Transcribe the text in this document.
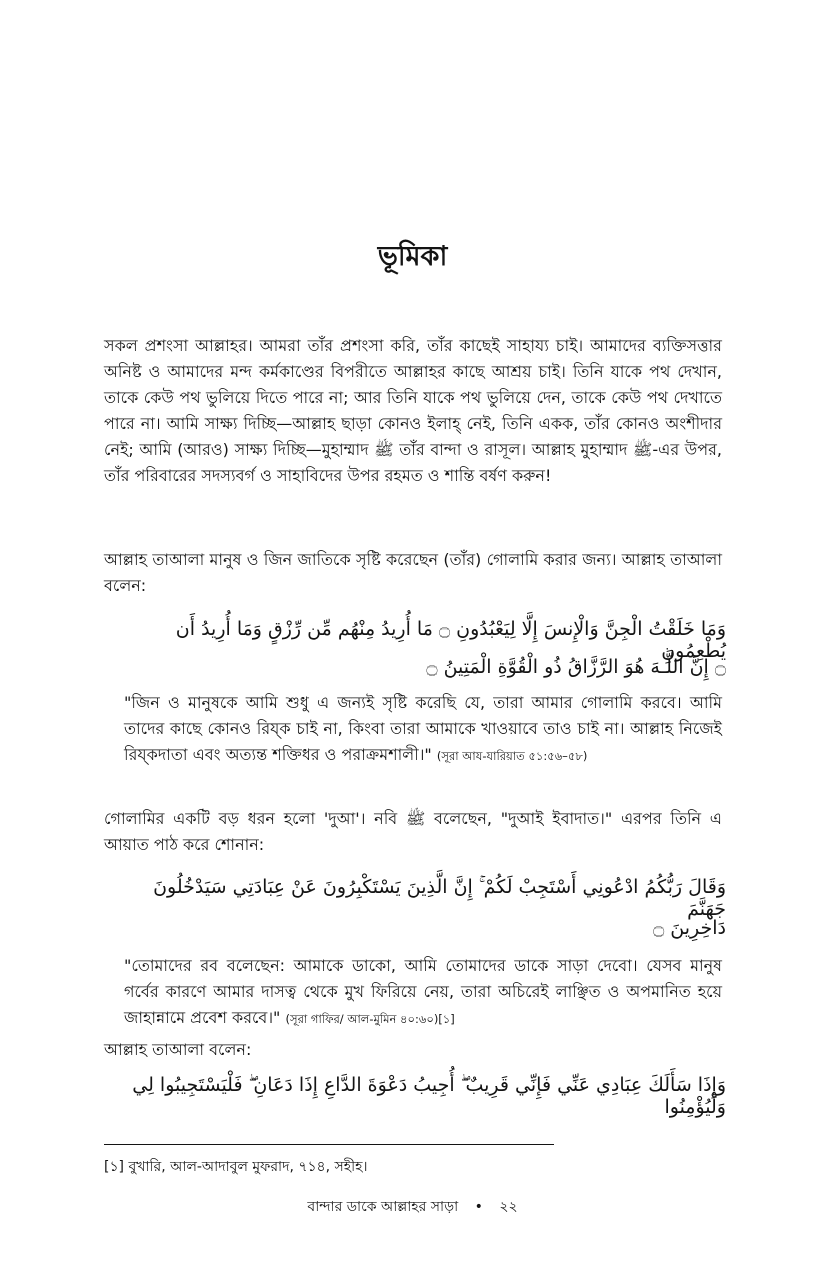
ভূমিকা

সকল প্রশংসা আল্লাহর। আমরা তাঁর প্রশংসা করি, তাঁর কাছেই সাহায্য চাই। আমাদের ব্যক্তিসত্তার অনিষ্ট ও আমাদের মন্দ কর্মকাণ্ডের বিপরীতে আল্লাহর কাছে আশ্রয় চাই। তিনি যাকে পথ দেখান, তাকে কেউ পথ ভুলিয়ে দিতে পারে না; আর তিনি যাকে পথ ভুলিয়ে দেন, তাকে কেউ পথ দেখাতে পারে না। আমি সাক্ষ্য দিচ্ছি—আল্লাহ ছাড়া কোনও ইলাহ্ নেই, তিনি একক, তাঁর কোনও অংশীদার নেই; আমি (আরও) সাক্ষ্য দিচ্ছি—মুহাম্মাদ ﷺ তাঁর বান্দা ও রাসূল। আল্লাহ মুহাম্মাদ ﷺ-এর উপর, তাঁর পরিবারের সদস্যবর্গ ও সাহাবিদের উপর রহমত ও শান্তি বর্ষণ করুন!

আল্লাহ তাআলা মানুষ ও জিন জাতিকে সৃষ্টি করেছেন (তাঁর) গোলামি করার জন্য। আল্লাহ তাআলা বলেন:

وَمَا خَلَقْتُ الْجِنَّ وَالْإِنسَ إِلَّا لِيَعْبُدُونِ ۝ مَا أُرِيدُ مِنْهُم مِّن رِّزْقٍ وَمَا أُرِيدُ أَن يُطْعِمُونِ

۝ إِنَّ اللَّـهَ هُوَ الرَّزَّاقُ ذُو الْقُوَّةِ الْمَتِينُ ۝

"জিন ও মানুষকে আমি শুধু এ জন্যই সৃষ্টি করেছি যে, তারা আমার গোলামি করবে। আমি তাদের কাছে কোনও রিয্‌ক চাই না, কিংবা তারা আমাকে খাওয়াবে তাও চাই না। আল্লাহ নিজেই রিয্‌কদাতা এবং অত্যন্ত শক্তিধর ও পরাক্রমশালী।" (সূরা আয-যারিয়াত ৫১:৫৬–৫৮)

গোলামির একটি বড় ধরন হলো 'দুআ'। নবি ﷺ বলেছেন, "দুআই ইবাদাত।" এরপর তিনি এ আয়াত পাঠ করে শোনান:

وَقَالَ رَبُّكُمُ ادْعُونِي أَسْتَجِبْ لَكُمْ ۚ إِنَّ الَّذِينَ يَسْتَكْبِرُونَ عَنْ عِبَادَتِي سَيَدْخُلُونَ جَهَنَّمَ

دَاخِرِينَ ۝

"তোমাদের রব বলেছেন: আমাকে ডাকো, আমি তোমাদের ডাকে সাড়া দেবো। যেসব মানুষ গর্বের কারণে আমার দাসত্ব থেকে মুখ ফিরিয়ে নেয়, তারা অচিরেই লাঞ্ছিত ও অপমানিত হয়ে জাহান্নামে প্রবেশ করবে।" (সূরা গাফির/ আল-মুমিন ৪০:৬০)[১]

আল্লাহ তাআলা বলেন:

وَإِذَا سَأَلَكَ عِبَادِي عَنِّي فَإِنِّي قَرِيبٌ ۖ أُجِيبُ دَعْوَةَ الدَّاعِ إِذَا دَعَانِ ۖ فَلْيَسْتَجِيبُوا لِي وَلْيُؤْمِنُوا

[১] বুখারি, আল-আদাবুল মুফরাদ, ৭১৪, সহীহ।
বান্দার ডাকে আল্লাহর সাড়া • ২২
